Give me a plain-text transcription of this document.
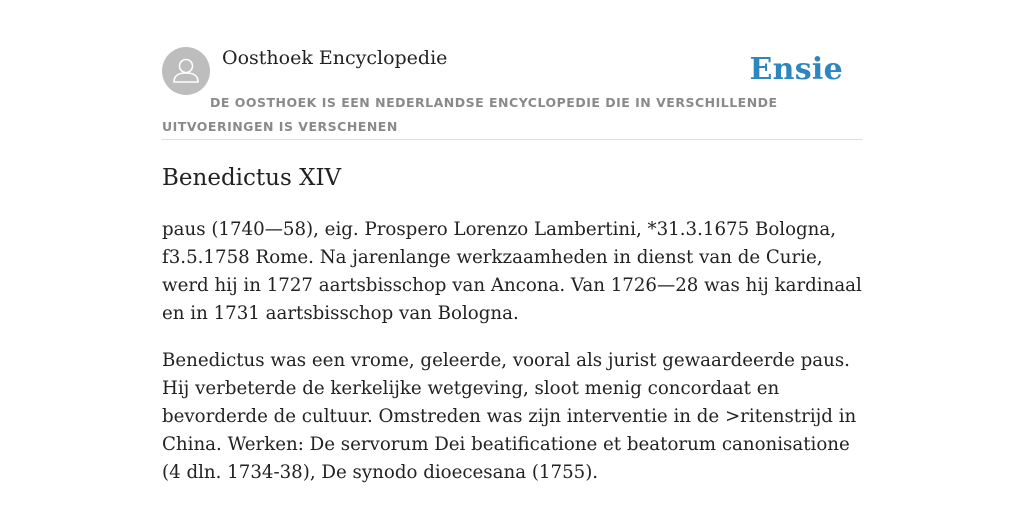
Oosthoek Encyclopedie	Ensie
DE OOSTHOEK IS EEN NEDERLANDSE ENCYCLOPEDIE DIE IN VERSCHILLENDE UITVOERINGEN IS VERSCHENEN
Benedictus XIV

paus (1740—58), eig. Prospero Lorenzo Lambertini, *31.3.1675 Bologna, f3.5.1758 Rome. Na jarenlange werkzaamheden in dienst van de Curie, werd hij in 1727 aartsbisschop van Ancona. Van 1726—28 was hij kardinaal en in 1731 aartsbisschop van Bologna.

Benedictus was een vrome, geleerde, vooral als jurist gewaardeerde paus. Hij verbeterde de kerkelijke wetgeving, sloot menig concordaat en bevorderde de cultuur. Omstreden was zijn interventie in de >ritenstrijd in China. Werken: De servorum Dei beatificatione et beatorum canonisatione (4 dln. 1734-38), De synodo dioecesana (1755).
